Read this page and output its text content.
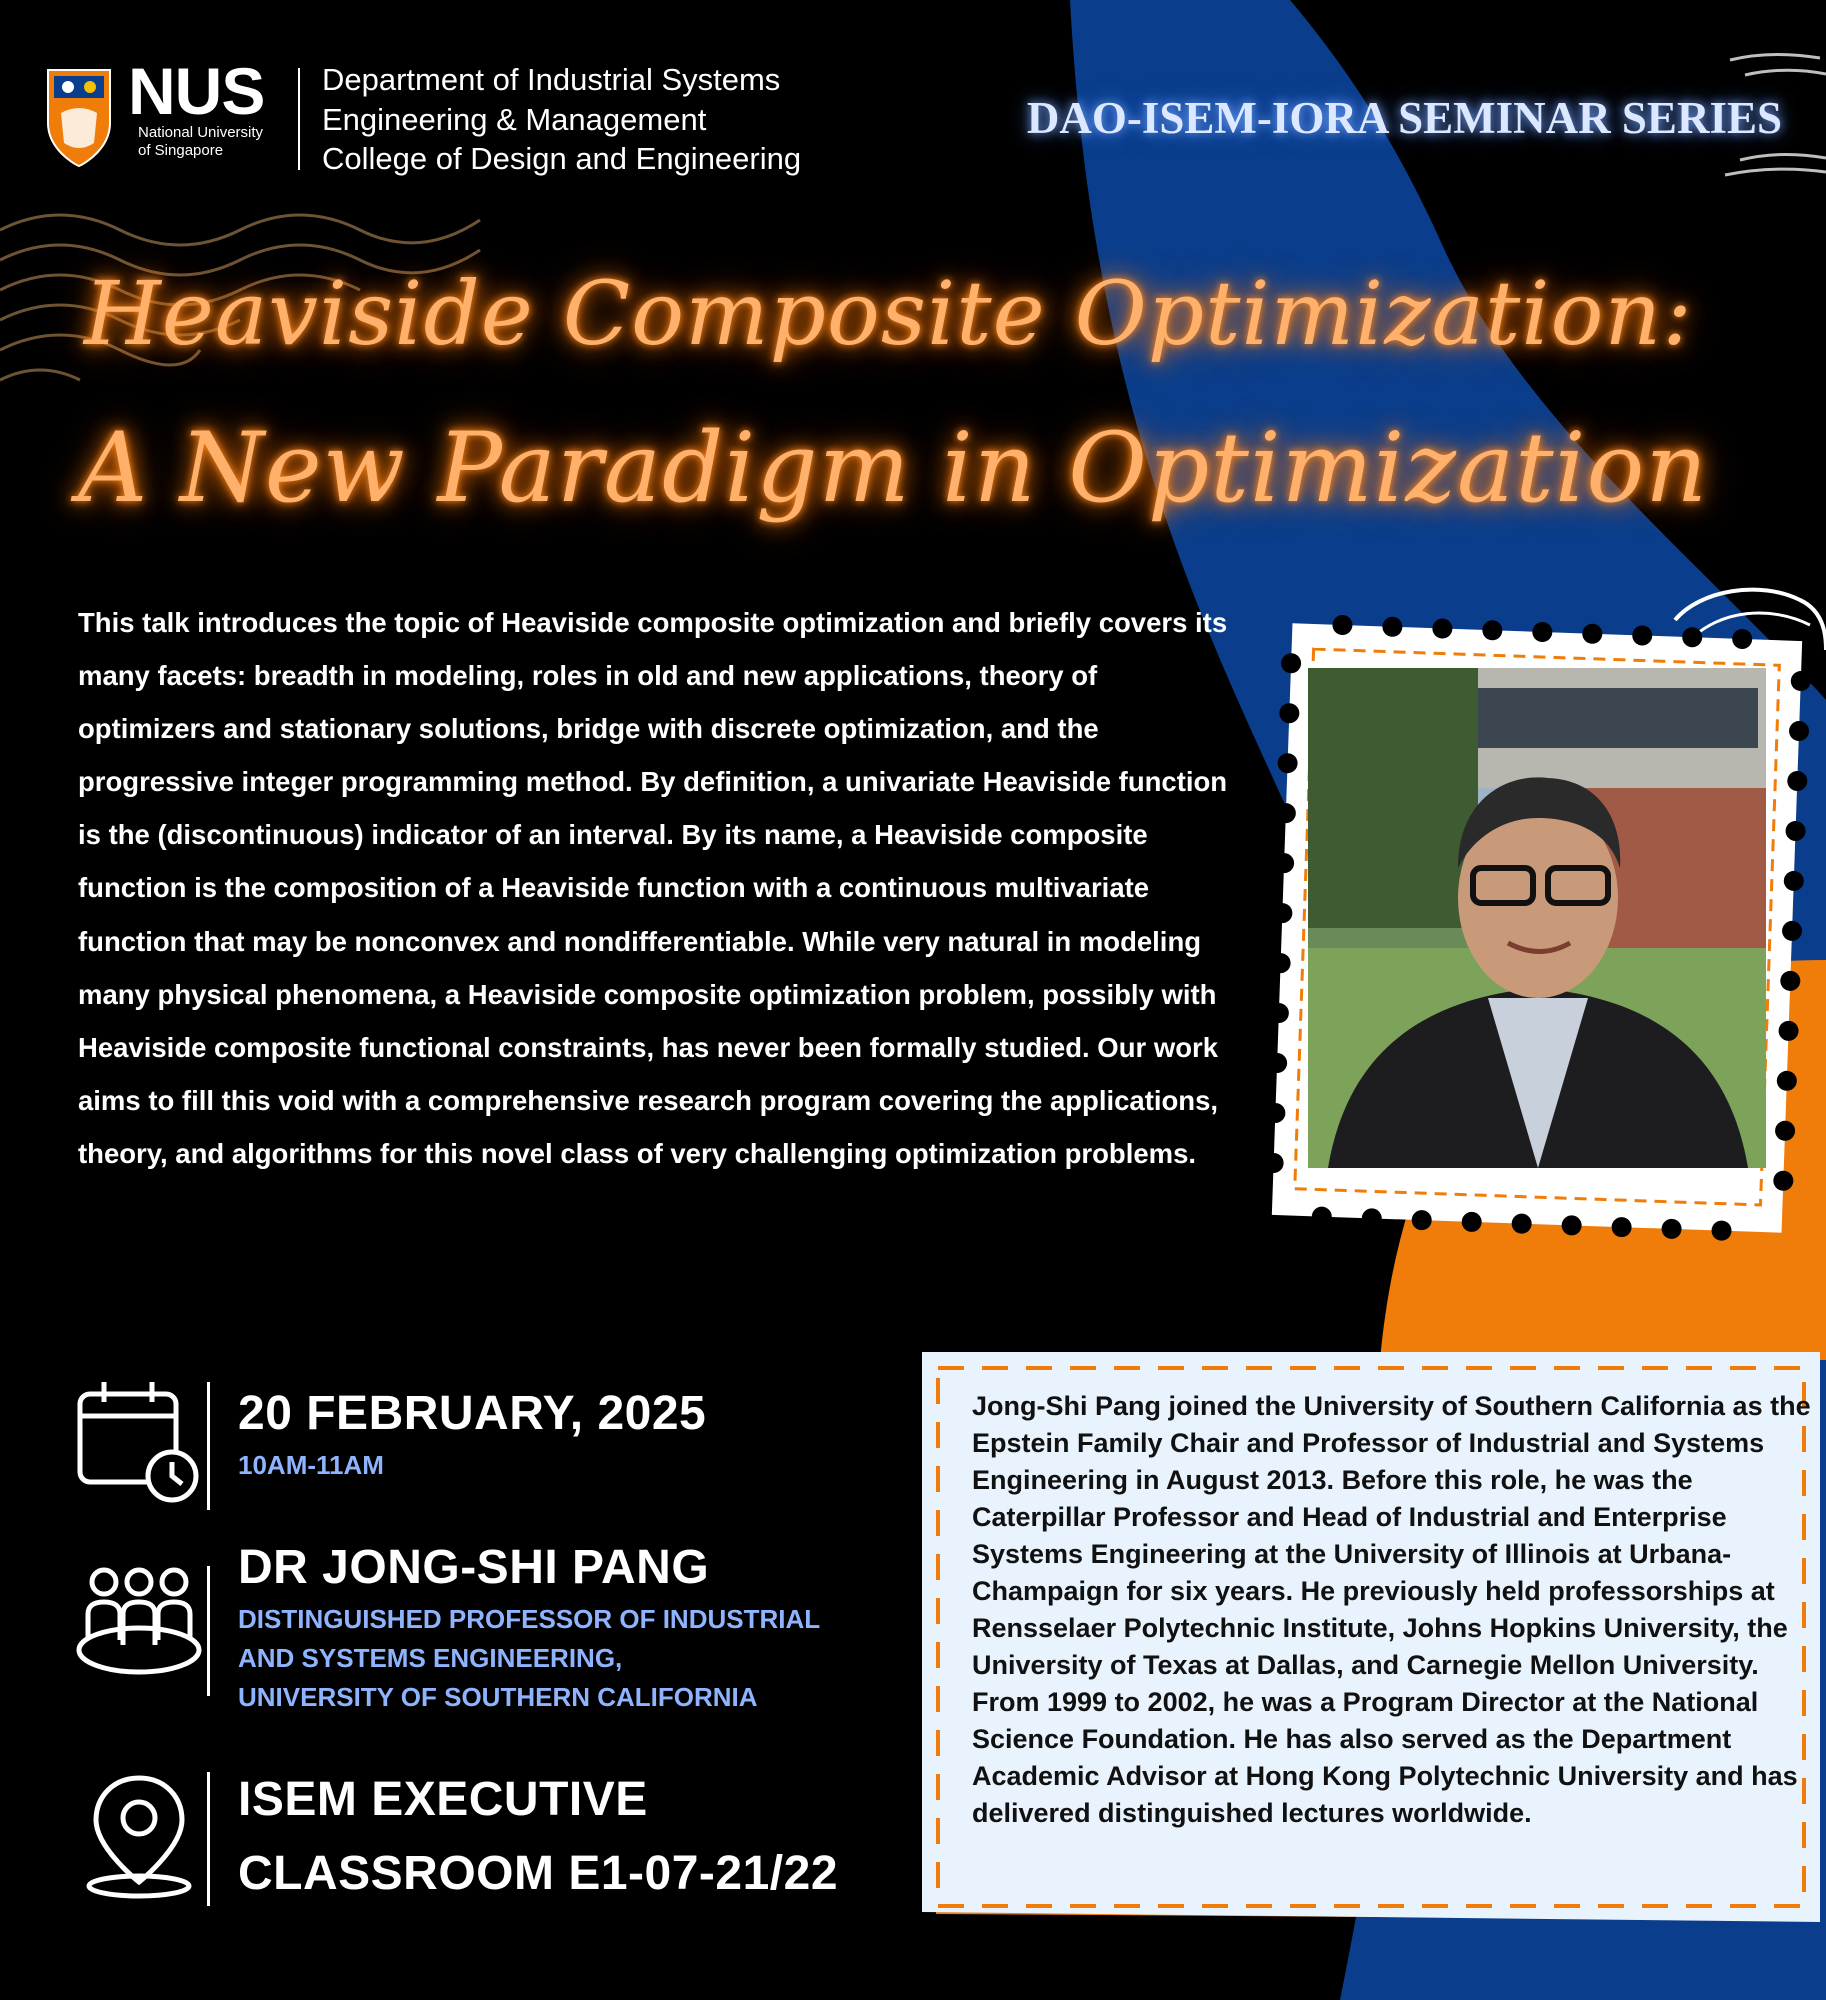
NUS
National University
of Singapore
Department of Industrial Systems
Engineering & Management
College of Design and Engineering
DAO-ISEM-IORA SEMINAR SERIES
Heaviside Composite Optimization:
A New Paradigm in Optimization
This talk introduces the topic of Heaviside composite optimization and briefly covers its many facets: breadth in modeling, roles in old and new applications, theory of optimizers and stationary solutions, bridge with discrete optimization, and the progressive integer programming method. By definition, a univariate Heaviside function is the (discontinuous) indicator of an interval. By its name, a Heaviside composite function is the composition of a Heaviside function with a continuous multivariate function that may be nonconvex and nondifferentiable. While very natural in modeling many physical phenomena, a Heaviside composite optimization problem, possibly with Heaviside composite functional constraints, has never been formally studied. Our work aims to fill this void with a comprehensive research program covering the applications, theory, and algorithms for this novel class of very challenging optimization problems.
20 FEBRUARY, 2025
10AM-11AM
DR JONG-SHI PANG
DISTINGUISHED PROFESSOR OF INDUSTRIAL
AND SYSTEMS ENGINEERING,
UNIVERSITY OF SOUTHERN CALIFORNIA
ISEM EXECUTIVE
CLASSROOM E1-07-21/22
Jong-Shi Pang joined the University of Southern California as the Epstein Family Chair and Professor of Industrial and Systems Engineering in August 2013. Before this role, he was the Caterpillar Professor and Head of Industrial and Enterprise Systems Engineering at the University of Illinois at Urbana-Champaign for six years. He previously held professorships at Rensselaer Polytechnic Institute, Johns Hopkins University, the University of Texas at Dallas, and Carnegie Mellon University. From 1999 to 2002, he was a Program Director at the National Science Foundation. He has also served as the Department Academic Advisor at Hong Kong Polytechnic University and has delivered distinguished lectures worldwide.
